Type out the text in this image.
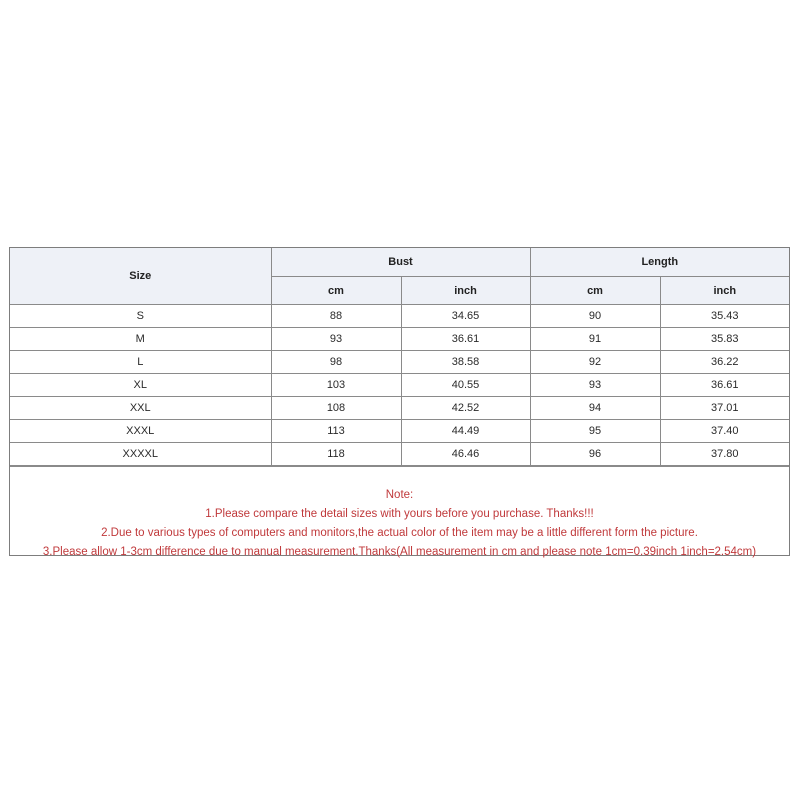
Size	Bust		Length	
	cm	inch	cm	inch
S	88	34.65	90	35.43
M	93	36.61	91	35.83
L	98	38.58	92	36.22
XL	103	40.55	93	36.61
XXL	108	42.52	94	37.01
XXXL	113	44.49	95	37.40
XXXXL	118	46.46	96	37.80
Note:
1.Please compare the detail sizes with yours before you purchase. Thanks!!!
2.Due to various types of computers and monitors,the actual color of the item may be a little different form the picture.
3.Please allow 1-3cm difference due to manual measurement.Thanks(All measurement in cm and please note 1cm=0.39inch 1inch=2.54cm)
